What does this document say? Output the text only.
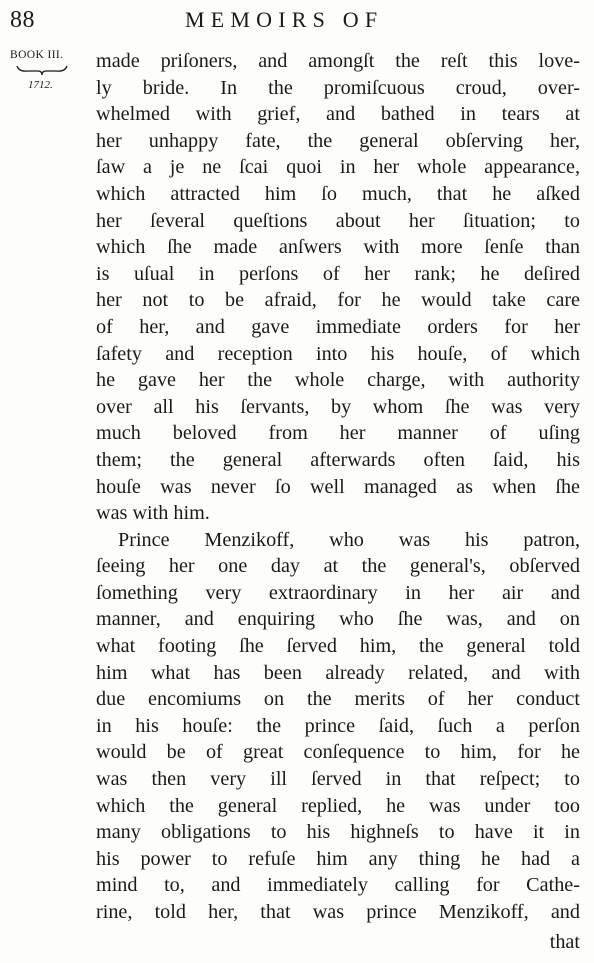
88	MEMOIRS OF
BOOK III.
1712.
made priſoners, and amongſt the reſt this love-
ly bride. In the promiſcuous croud, over-
whelmed with grief, and bathed in tears at
her unhappy fate, the general obſerving her,
ſaw a je ne ſcai quoi in her whole appearance,
which attracted him ſo much, that he aſked
her ſeveral queſtions about her ſituation; to
which ſhe made anſwers with more ſenſe than
is uſual in perſons of her rank; he deſired
her not to be afraid, for he would take care
of her, and gave immediate orders for her
ſafety and reception into his houſe, of which
he gave her the whole charge, with authority
over all his ſervants, by whom ſhe was very
much beloved from her manner of uſing
them; the general afterwards often ſaid, his
houſe was never ſo well managed as when ſhe
was with him.
Prince Menzikoff, who was his patron,
ſeeing her one day at the general's, obſerved
ſomething very extraordinary in her air and
manner, and enquiring who ſhe was, and on
what footing ſhe ſerved him, the general told
him what has been already related, and with
due encomiums on the merits of her conduct
in his houſe: the prince ſaid, ſuch a perſon
would be of great conſequence to him, for he
was then very ill ſerved in that reſpect; to
which the general replied, he was under too
many obligations to his highneſs to have it in
his power to refuſe him any thing he had a
mind to, and immediately calling for Cathe-
rine, told her, that was prince Menzikoff, and
that
